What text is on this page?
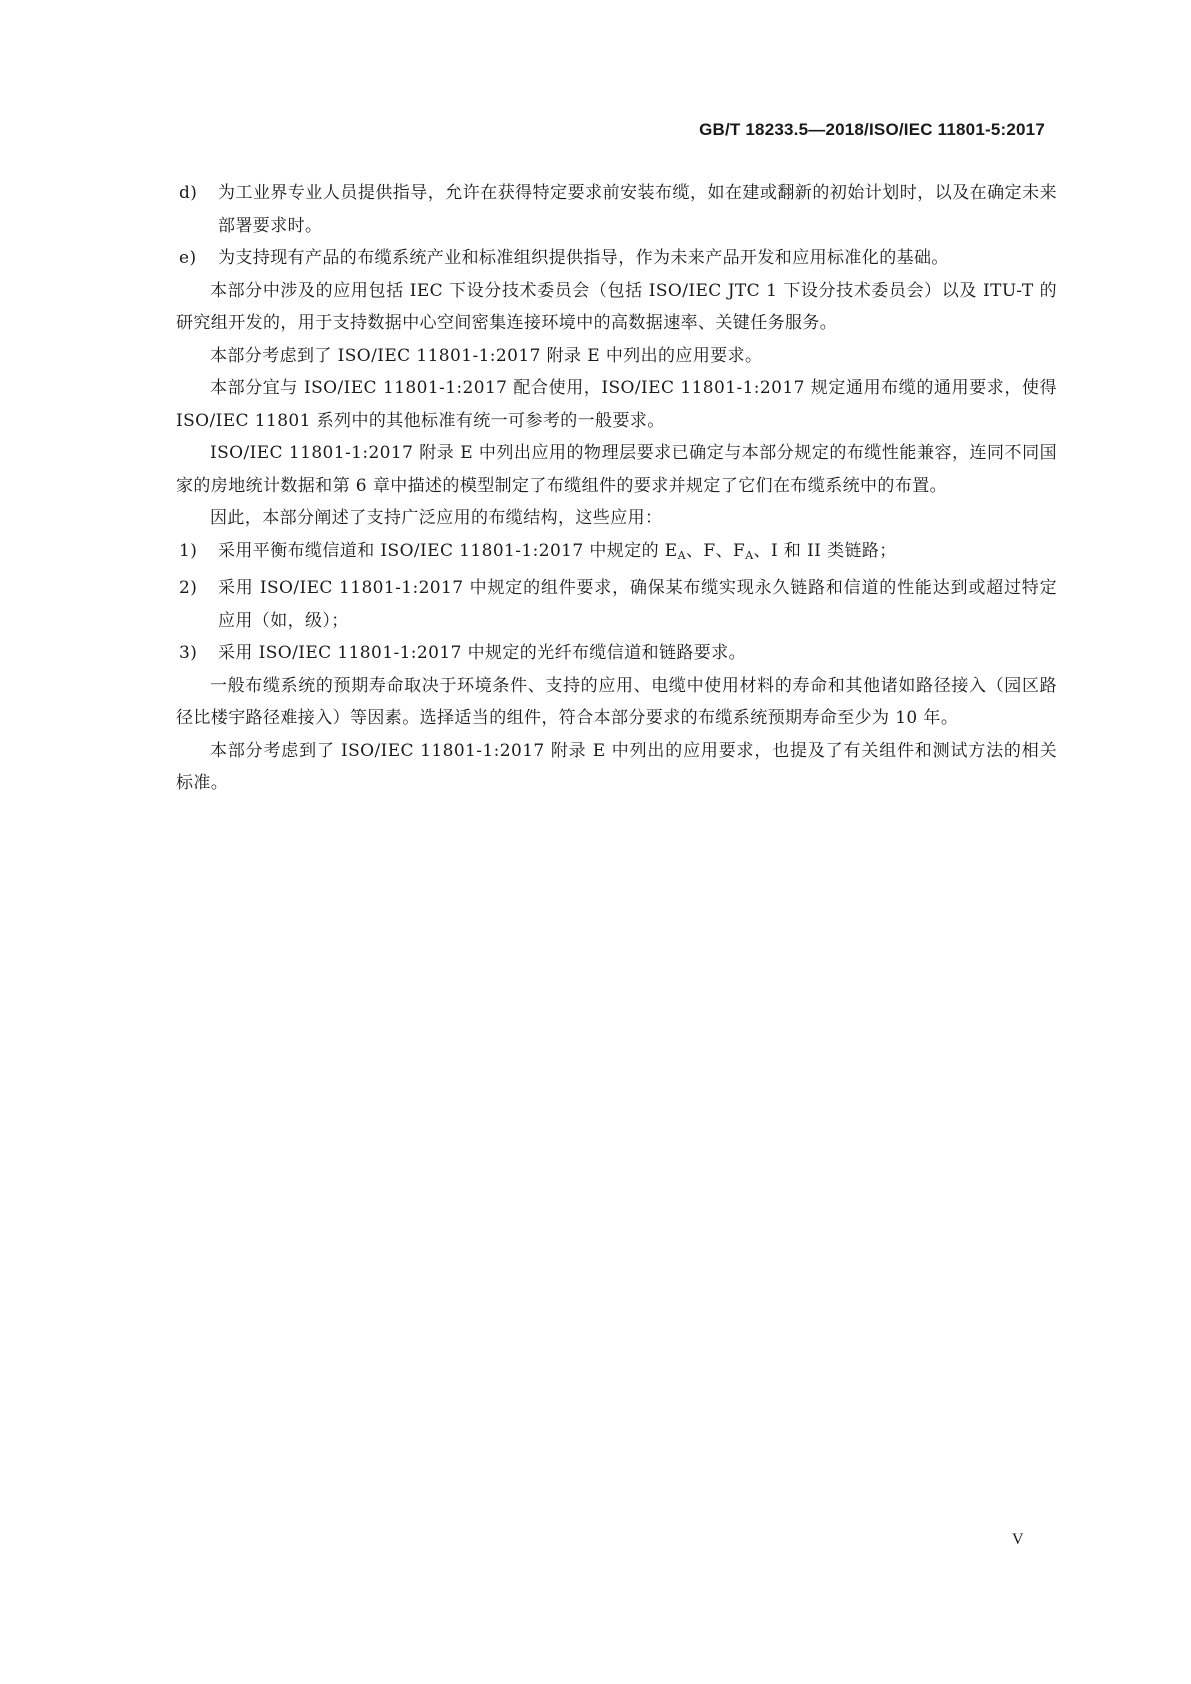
GB/T 18233.5—2018/ISO/IEC 11801-5:2017
d)	为工业界专业人员提供指导，允许在获得特定要求前安装布缆，如在建或翻新的初始计划时，以及在确定未来部署要求时。
e)	为支持现有产品的布缆系统产业和标准组织提供指导，作为未来产品开发和应用标准化的基础。

本部分中涉及的应用包括 IEC 下设分技术委员会（包括 ISO/IEC JTC 1 下设分技术委员会）以及 ITU-T 的研究组开发的，用于支持数据中心空间密集连接环境中的高数据速率、关键任务服务。

本部分考虑到了 ISO/IEC 11801-1:2017 附录 E 中列出的应用要求。

本部分宜与 ISO/IEC 11801-1:2017 配合使用，ISO/IEC 11801-1:2017 规定通用布缆的通用要求，使得 ISO/IEC 11801 系列中的其他标准有统一可参考的一般要求。

ISO/IEC 11801-1:2017 附录 E 中列出应用的物理层要求已确定与本部分规定的布缆性能兼容，连同不同国家的房地统计数据和第 6 章中描述的模型制定了布缆组件的要求并规定了它们在布缆系统中的布置。

因此，本部分阐述了支持广泛应用的布缆结构，这些应用：

1)	采用平衡布缆信道和 ISO/IEC 11801-1:2017 中规定的 $E_A$、F、$F_A$、I 和 II 类链路；
2)	采用 ISO/IEC 11801-1:2017 中规定的组件要求，确保某布缆实现永久链路和信道的性能达到或超过特定应用（如，级）；
3)	采用 ISO/IEC 11801-1:2017 中规定的光纤布缆信道和链路要求。

一般布缆系统的预期寿命取决于环境条件、支持的应用、电缆中使用材料的寿命和其他诸如路径接入（园区路径比楼宇路径难接入）等因素。选择适当的组件，符合本部分要求的布缆系统预期寿命至少为 10 年。

本部分考虑到了 ISO/IEC 11801-1:2017 附录 E 中列出的应用要求，也提及了有关组件和测试方法的相关标准。

V
